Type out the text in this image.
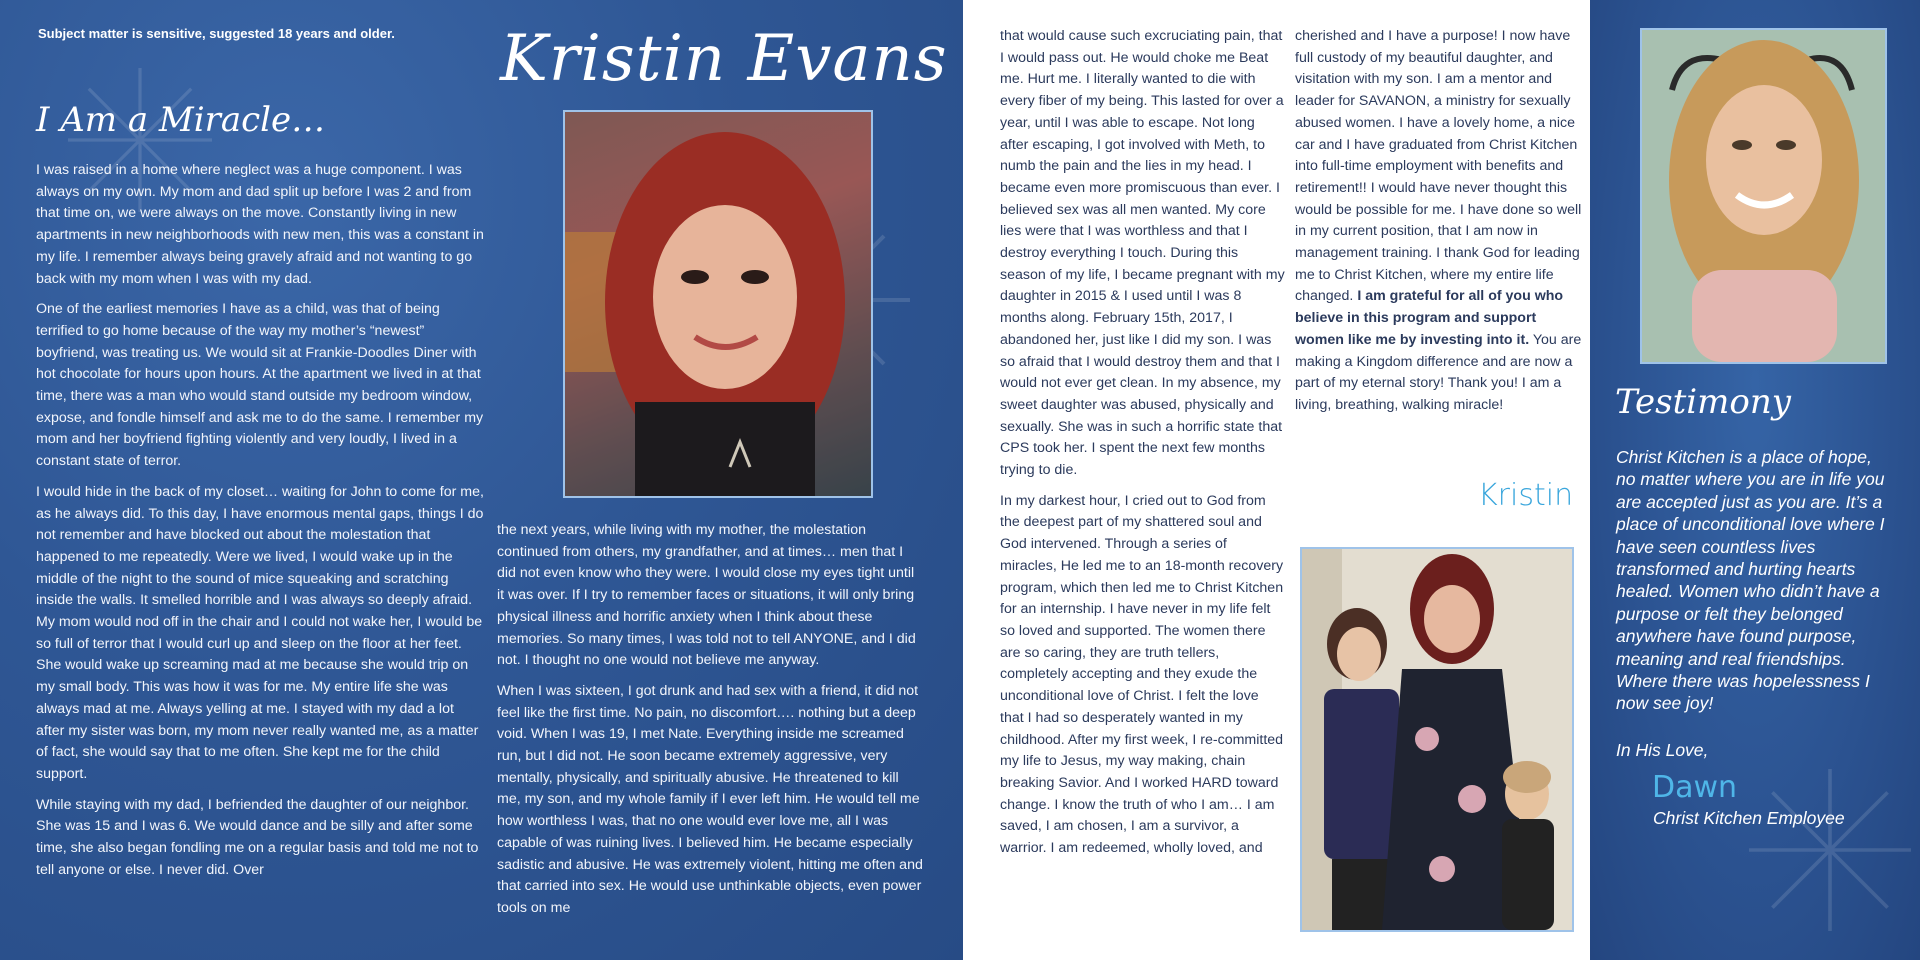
Subject matter is sensitive, suggested 18 years and older.
I Am a Miracle…

I was raised in a home where neglect was a huge component. I was always on my own. My mom and dad split up before I was 2 and from that time on, we were always on the move. Constantly living in new apartments in new neighborhoods with new men, this was a constant in my life. I remember always being gravely afraid and not wanting to go back with my mom when I was with my dad.

One of the earliest memories I have as a child, was that of being terrified to go home because of the way my mother’s “newest” boyfriend, was treating us. We would sit at Frankie-Doodles Diner with hot chocolate for hours upon hours. At the apartment we lived in at that time, there was a man who would stand outside my bedroom window, expose, and fondle himself and ask me to do the same. I remember my mom and her boyfriend fighting violently and very loudly, I lived in a constant state of terror.

I would hide in the back of my closet… waiting for John to come for me, as he always did. To this day, I have enormous mental gaps, things I do not remember and have blocked out about the molestation that happened to me repeatedly. Were we lived, I would wake up in the middle of the night to the sound of mice squeaking and scratching inside the walls. It smelled horrible and I was always so deeply afraid. My mom would nod off in the chair and I could not wake her, I would be so full of terror that I would curl up and sleep on the floor at her feet. She would wake up screaming mad at me because she would trip on my small body. This was how it was for me. My entire life she was always mad at me. Always yelling at me. I stayed with my dad a lot after my sister was born, my mom never really wanted me, as a matter of fact, she would say that to me often. She kept me for the child support.

While staying with my dad, I befriended the daughter of our neighbor. She was 15 and I was 6. We would dance and be silly and after some time, she also began fondling me on a regular basis and told me not to tell anyone or else. I never did. Over

the next years, while living with my mother, the molestation continued from others, my grandfather, and at times… men that I did not even know who they were. I would close my eyes tight until it was over. If I try to remember faces or situations, it will only bring physical illness and horrific anxiety when I think about these memories. So many times, I was told not to tell ANYONE, and I did not. I thought no one would not believe me anyway.

When I was sixteen, I got drunk and had sex with a friend, it did not feel like the first time. No pain, no discomfort…. nothing but a deep void. When I was 19, I met Nate. Everything inside me screamed run, but I did not. He soon became extremely aggressive, very mentally, physically, and spiritually abusive. He threatened to kill me, my son, and my whole family if I ever left him. He would tell me how worthless I was, that no one would ever love me, all I was capable of was ruining lives. I believed him. He became especially sadistic and abusive. He was extremely violent, hitting me often and that carried into sex. He would use unthinkable objects, even power tools on me

Kristin Evans	that would cause such excruciating pain, that I would pass out. He would choke me Beat me. Hurt me. I literally wanted to die with every fiber of my being. This lasted for over a year, until I was able to escape. Not long after escaping, I got involved with Meth, to numb the pain and the lies in my head. I became even more promiscuous than ever. I believed sex was all men wanted. My core lies were that I was worthless and that I destroy everything I touch. During this season of my life, I became pregnant with my daughter in 2015 & I used until I was 8 months along. February 15th, 2017, I abandoned her, just like I did my son. I was so afraid that I would destroy them and that I would not ever get clean. In my absence, my sweet daughter was abused, physically and sexually. She was in such a horrific state that CPS took her. I spent the next few months trying to die.

In my darkest hour, I cried out to God from the deepest part of my shattered soul and God intervened. Through a series of miracles, He led me to an 18-month recovery program, which then led me to Christ Kitchen for an internship. I have never in my life felt so loved and supported. The women there are so caring, they are truth tellers, completely accepting and they exude the unconditional love of Christ. I felt the love that I had so desperately wanted in my childhood. After my first week, I re-committed my life to Jesus, my way making, chain breaking Savior. And I worked HARD toward change. I know the truth of who I am… I am saved, I am chosen, I am a survivor, a warrior. I am redeemed, wholly loved, and

cherished and I have a purpose! I now have full custody of my beautiful daughter, and visitation with my son. I am a mentor and leader for SAVANON, a ministry for sexually abused women. I have a lovely home, a nice car and I have graduated from Christ Kitchen into full-time employment with benefits and retirement!! I would have never thought this would be possible for me. I have done so well in my current position, that I am now in management training. I thank God for leading me to Christ Kitchen, where my entire life changed. I am grateful for all of you who believe in this program and support women like me by investing into it. You are making a Kingdom difference and are now a part of my eternal story! Thank you! I am a living, breathing, walking miracle!

Kristin
Testimony
Christ Kitchen is a place of hope, no matter where you are in life you are accepted just as you are. It’s a place of unconditional love where I have seen countless lives transformed and hurting hearts healed. Women who didn’t have a purpose or felt they belonged anywhere have found purpose, meaning and real friendships. Where there was hopelessness I now see joy!
In His Love,
Dawn
Christ Kitchen Employee
